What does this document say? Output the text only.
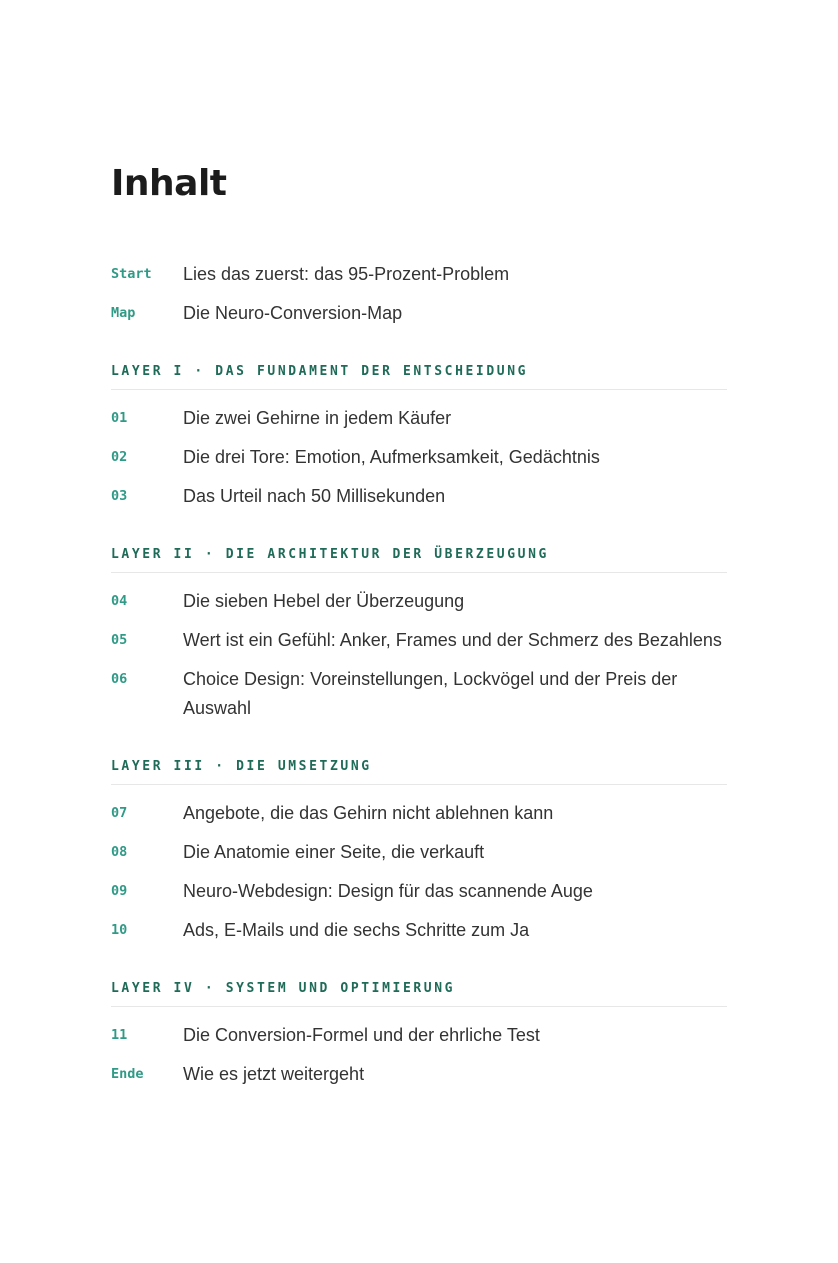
Inhalt
Start	Lies das zuerst: das 95-Prozent-Problem
Map	Die Neuro-Conversion-Map
LAYER I · DAS FUNDAMENT DER ENTSCHEIDUNG
01	Die zwei Gehirne in jedem Käufer
02	Die drei Tore: Emotion, Aufmerksamkeit, Gedächtnis
03	Das Urteil nach 50 Millisekunden
LAYER II · DIE ARCHITEKTUR DER ÜBERZEUGUNG
04	Die sieben Hebel der Überzeugung
05	Wert ist ein Gefühl: Anker, Frames und der Schmerz des Bezahlens
06	Choice Design: Voreinstellungen, Lockvögel und der Preis der Auswahl
LAYER III · DIE UMSETZUNG
07	Angebote, die das Gehirn nicht ablehnen kann
08	Die Anatomie einer Seite, die verkauft
09	Neuro-Webdesign: Design für das scannende Auge
10	Ads, E-Mails und die sechs Schritte zum Ja
LAYER IV · SYSTEM UND OPTIMIERUNG
11	Die Conversion-Formel und der ehrliche Test
Ende	Wie es jetzt weitergeht
